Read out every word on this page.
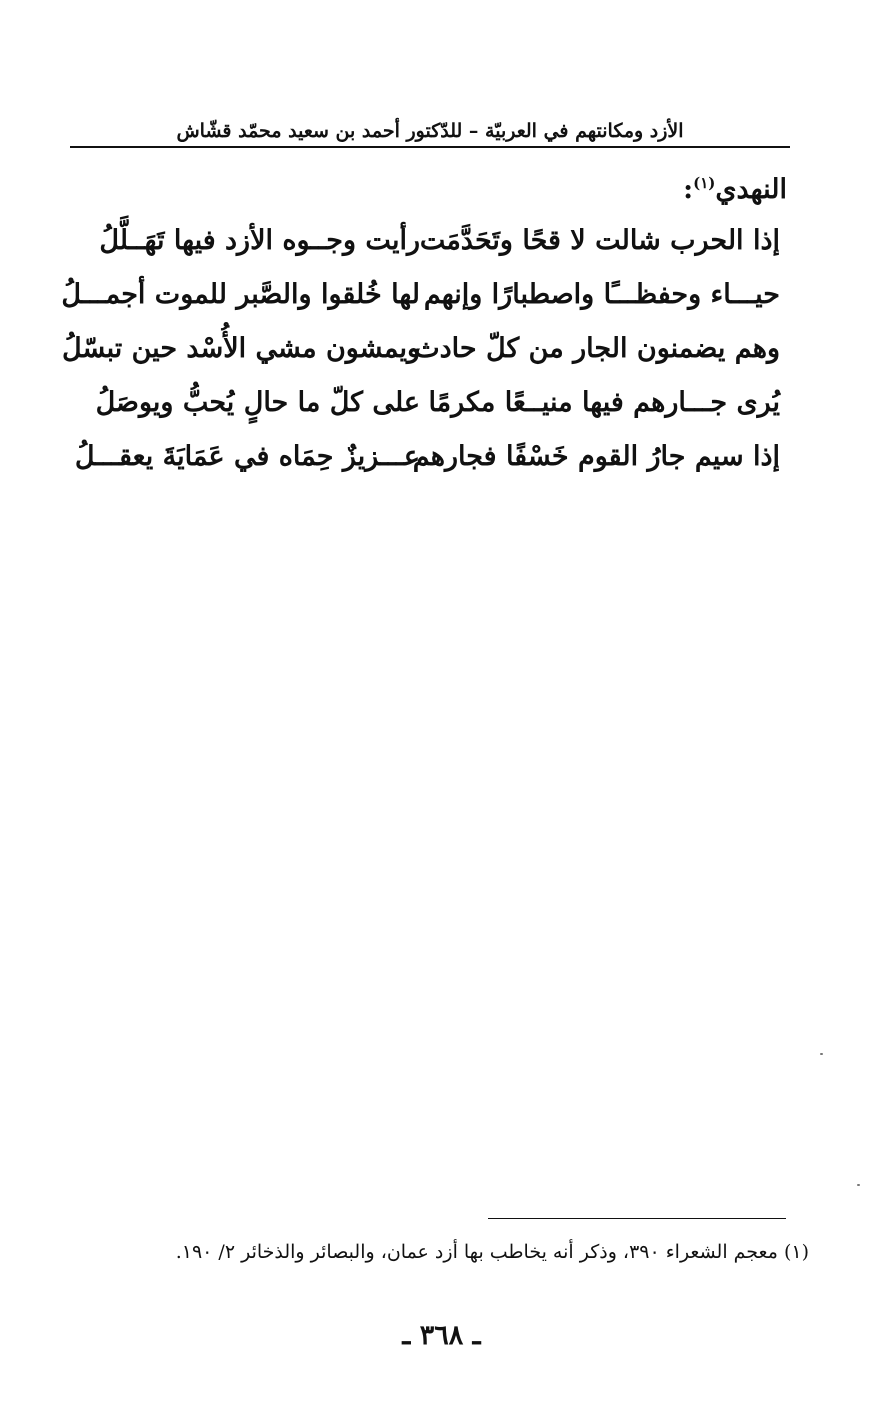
الأزد ومكانتهم في العربيّة – للدّكتور أحمد بن سعيد محمّد قشّاش
النهدي$^{(١)}$:
إذا الحرب شالت لا قحًا وتَحَدَّمَت
رأيت وجــوه الأزد فيها تَهَــلَّلُ
حيـــاء وحفظـــًا واصطبارًا وإنهم
لها خُلقوا والصَّبر للموت أجمـــلُ
وهم يضمنون الجار من كلّ حادث
ويمشون مشي الأُسْد حين تبسّلُ
يُرى جـــارهم فيها منيــعًا مكرمًا
على كلّ ما حالٍ يُحبُّ ويوصَلُ
إذا سيم جارُ القوم خَسْفًا فجارهم
عـــزيزٌ حِمَاه في عَمَايَةَ يعقـــلُ
(١) معجم الشعراء ٣٩٠، وذكر أنه يخاطب بها أزد عمان، والبصائر والذخائر ٢/ ١٩٠.
ـ ٣٦٨ ـ
